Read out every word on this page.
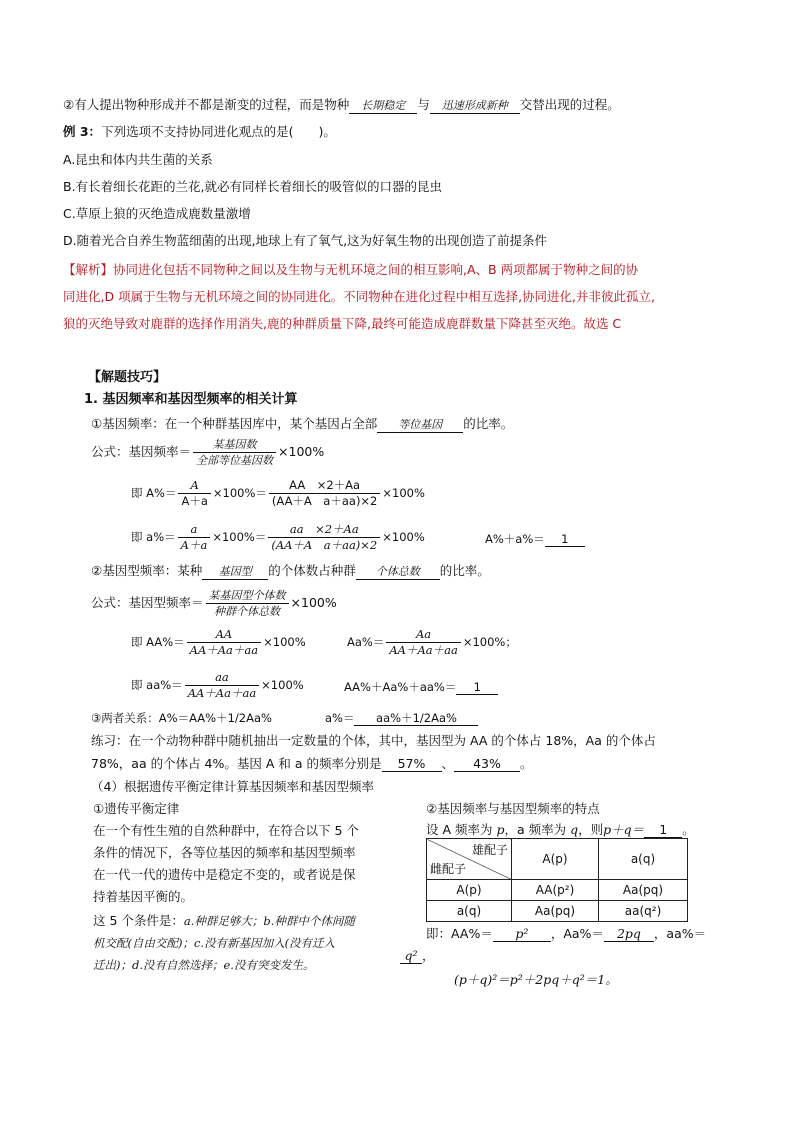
②有人提出物种形成并不都是渐变的过程，而是物种 长期稳定 与 迅速形成新种 交替出现的过程。
例 3：下列选项不支持协同进化观点的是(　　)。
A.昆虫和体内共生菌的关系
B.有长着细长花距的兰花,就必有同样长着细长的吸管似的口器的昆虫
C.草原上狼的灭绝造成鹿数量激增
D.随着光合自养生物蓝细菌的出现,地球上有了氧气,这为好氧生物的出现创造了前提条件
【解析】协同进化包括不同物种之间以及生物与无机环境之间的相互影响,A、B 两项都属于物种之间的协
同进化,D 项属于生物与无机环境之间的协同进化。不同物种在进化过程中相互选择,协同进化,并非彼此孤立,
狼的灭绝导致对鹿群的选择作用消失,鹿的种群质量下降,最终可能造成鹿群数量下降甚至灭绝。故选 C
【解题技巧】
1. 基因频率和基因型频率的相关计算
①基因频率：在一个种群基因库中，某个基因占全部 等位基因 的比率。
公式：基因频率＝ $\frac{\text{某基因数}}{\text{全部等位基因数}} \times 100\%$
即 $A\%= \frac{A}{A+a} \times 100\%= \frac{AA \times 2+Aa}{\text{(AA＋A　a＋aa)×2}} \times 100\%$
即 $a\%= \frac{a}{A+a} \times 100\%= \frac{aa \times 2+Aa}{\text{(AA＋A　a＋aa)×2}} \times 100\%$	A%＋a%＝ 1
②基因型频率：某种 基因型 的个体数占种群 个体总数 的比率。
公式：基因型频率＝ $\frac{\text{某基因型个体数}}{\text{种群个体总数}} \times 100\%$
即 $AA\%= \frac{AA}{AA+Aa+aa} \times 100\%$	$Aa\%= \frac{Aa}{AA+Aa+aa} \times 100\%$；
即 $aa\%= \frac{aa}{AA+Aa+aa} \times 100\%$	AA%＋Aa%＋aa%＝ 1
③两者关系：A%＝AA%＋1/2Aa%	a%＝ aa%＋1/2Aa%
练习：在一个动物种群中随机抽出一定数量的个体，其中，基因型为 AA 的个体占 18%，Aa 的个体占
78%，aa 的个体占 4%。基因 A 和 a 的频率分别是 57% 、 43% 。
（4）根据遗传平衡定律计算基因频率和基因型频率
①遗传平衡定律
在一个有性生殖的自然种群中，在符合以下 5 个
条件的情况下，各等位基因的频率和基因型频率
在一代一代的遗传中是稳定不变的，或者说是保
持着基因平衡的。
这 5 个条件是：a.种群足够大；b.种群中个体间随
机交配(自由交配)；c.没有新基因加入(没有迁入
迁出)；d.没有自然选择；e.没有突变发生。
②基因频率与基因型频率的特点
设 A 频率为 p，a 频率为 q，则p＋q＝ 1 。
雄配子
雌配子	A(p)	a(q)
A(p)	AA(p²)	Aa(pq)
a(q)	Aa(pq)	aa(q²)
即：AA%＝ p² ，Aa%＝ 2pq ，aa%＝
q² ，
(p＋q)²＝p²＋2pq＋q²＝1。
